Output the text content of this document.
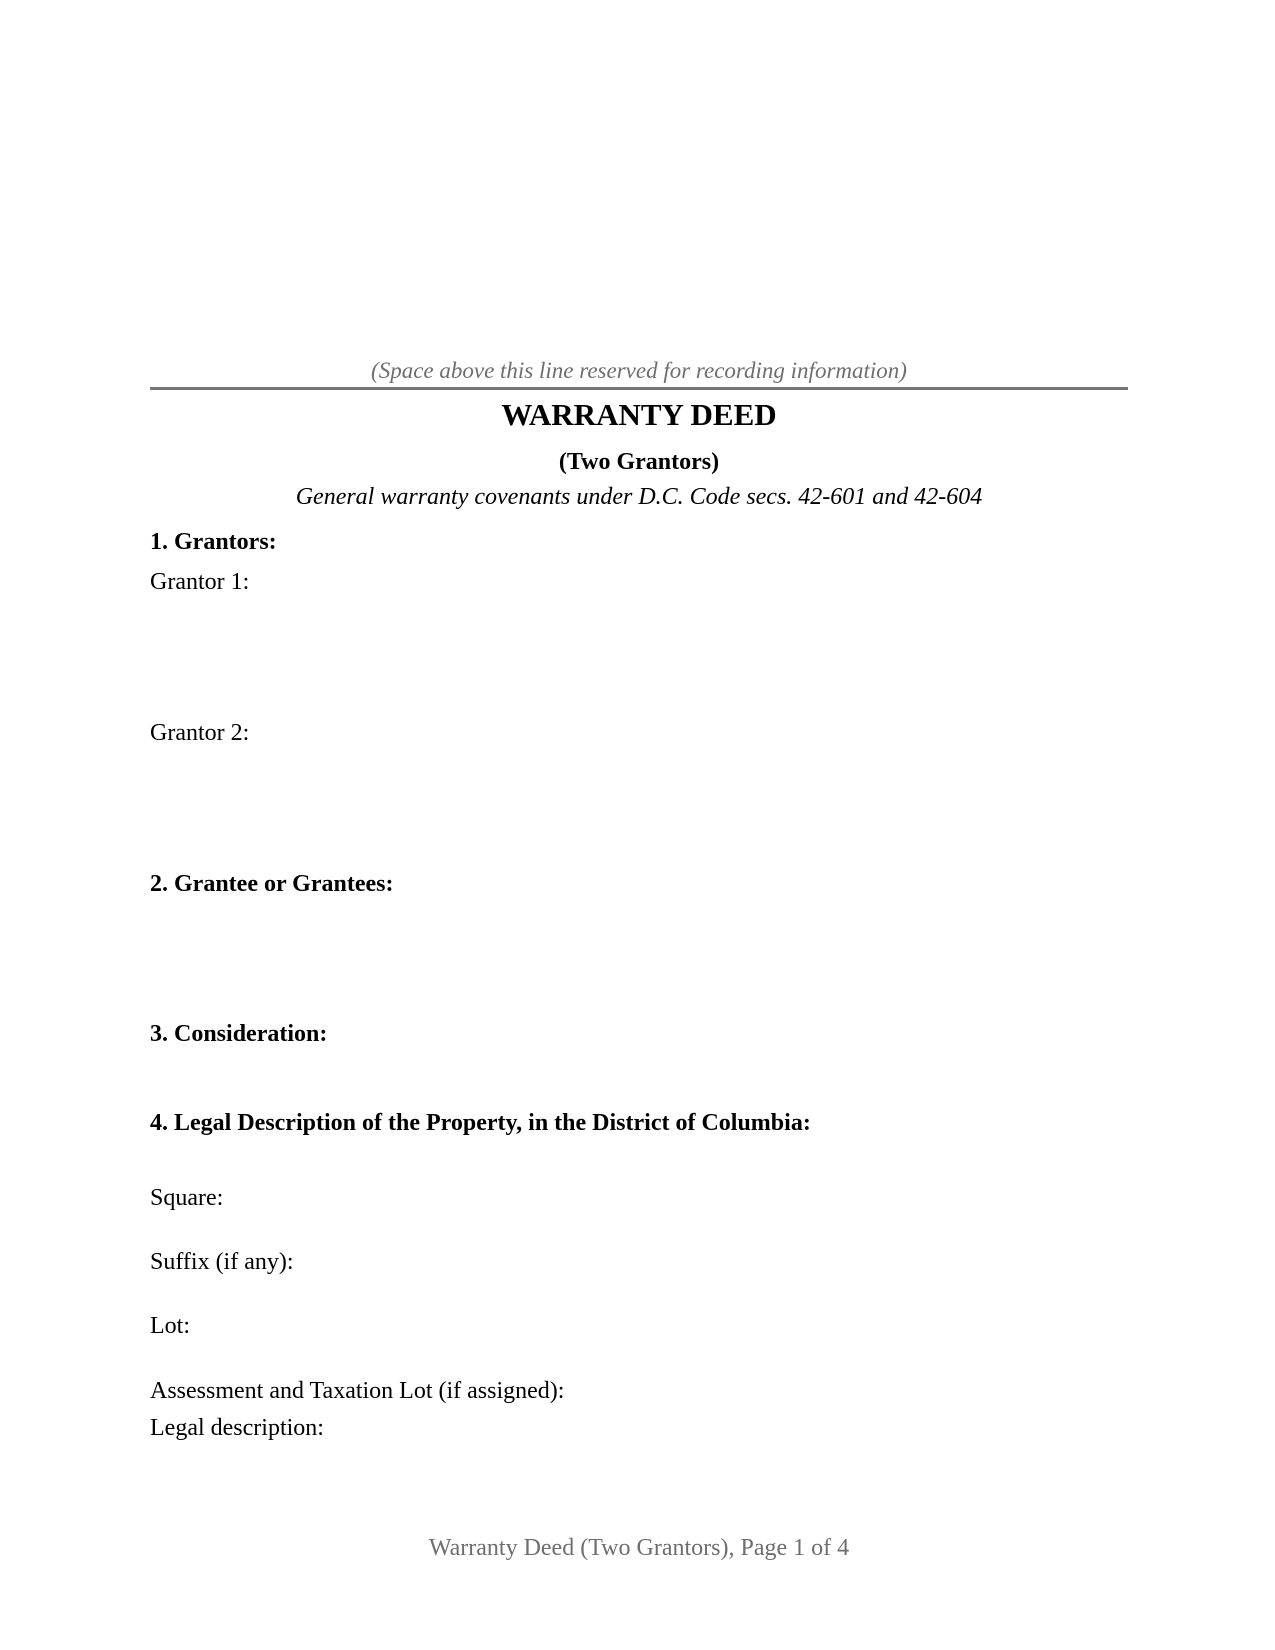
(Space above this line reserved for recording information)
WARRANTY DEED
(Two Grantors)
General warranty covenants under D.C. Code secs. 42-601 and 42-604
1. Grantors:
Grantor 1:
Grantor 2:
2. Grantee or Grantees:
3. Consideration:
4. Legal Description of the Property, in the District of Columbia:
Square:
Suffix (if any):
Lot:
Assessment and Taxation Lot (if assigned):
Legal description:
Warranty Deed (Two Grantors), Page 1 of 4
